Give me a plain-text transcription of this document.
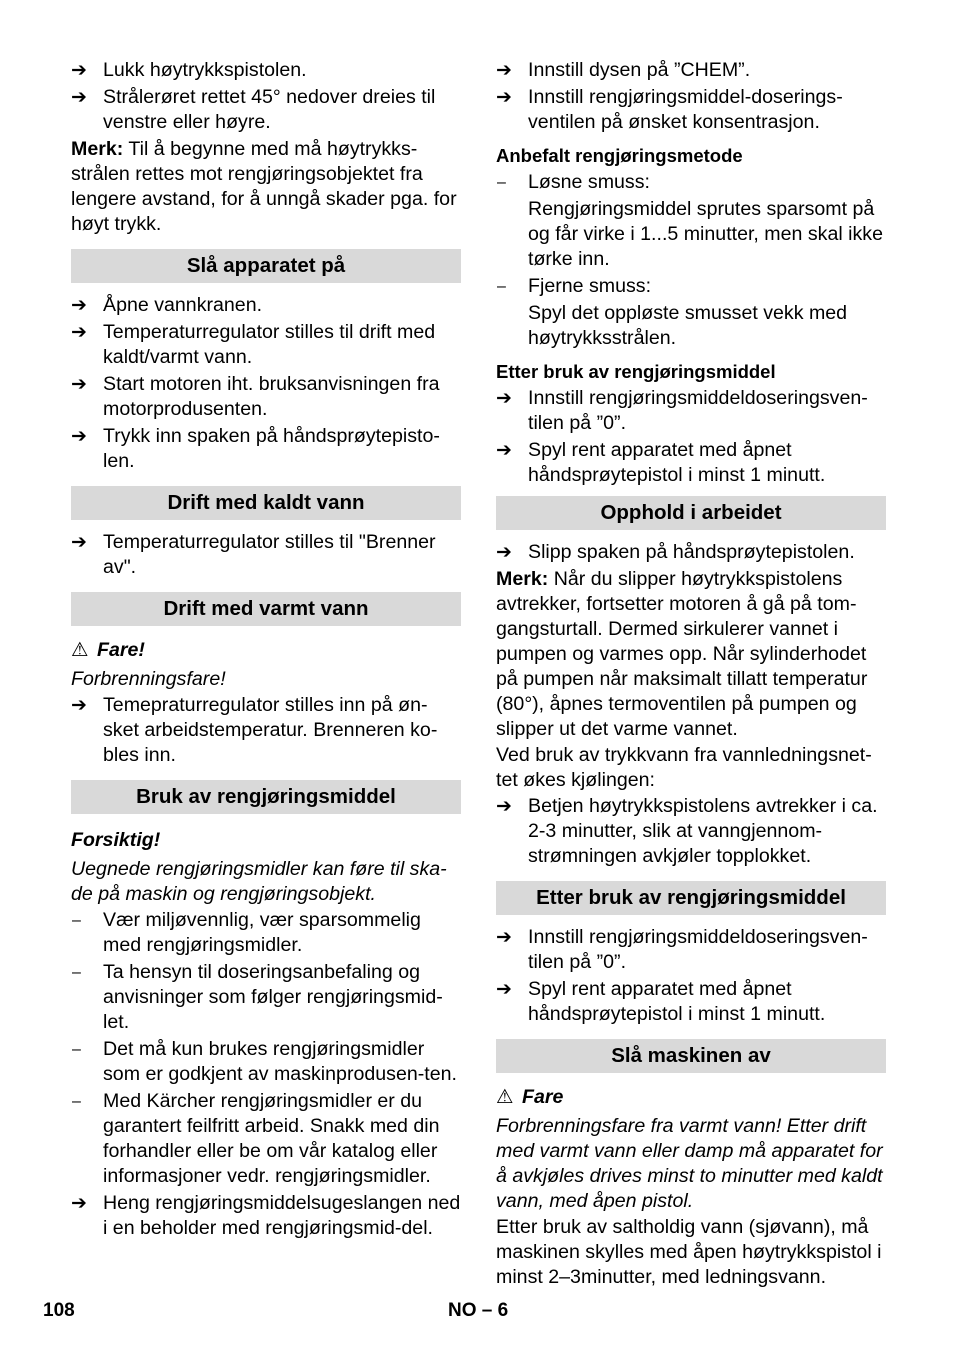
➔ Lukk høytrykkspistolen.
➔ Strålerøret rettet 45° nedover dreies til venstre eller høyre.

Merk: Til å begynne med må høytrykks-strålen rettes mot rengjøringsobjektet fra lengere avstand, for å unngå skader pga. for høyt trykk.

Slå apparatet på
➔ Åpne vannkranen.
➔ Temperaturregulator stilles til drift med kaldt/varmt vann.
➔ Start motoren iht. bruksanvisningen fra motorprodusenten.
➔ Trykk inn spaken på håndsprøytepisto-len.
Drift med kaldt vann
➔ Temperaturregulator stilles til "Brenner av".
Drift med varmt vann
⚠ Fare!

Forbrenningsfare!

➔ Temepraturregulator stilles inn på øn-sket arbeidstemperatur. Brenneren ko-bles inn.
Bruk av rengjøringsmiddel
Forsiktig!

Uegnede rengjøringsmidler kan føre til ska-de på maskin og rengjøringsobjekt.

–	Vær miljøvennlig, vær sparsommelig med rengjøringsmidler.
–	Ta hensyn til doseringsanbefaling og anvisninger som følger rengjøringsmid-let.
–	Det må kun brukes rengjøringsmidler som er godkjent av maskinprodusen-ten.
–	Med Kärcher rengjøringsmidler er du garantert feilfritt arbeid. Snakk med din forhandler eller be om vår katalog eller informasjoner vedr. rengjøringsmidler.
➔ Heng rengjøringsmiddelsugeslangen ned i en beholder med rengjøringsmid-del.
➔ Innstill dysen på ”CHEM”.
➔ Innstill rengjøringsmiddel-doserings-ventilen på ønsket konsentrasjon.
Anbefalt rengjøringsmetode
–	Løsne smuss:
Rengjøringsmiddel sprutes sparsomt på og får virke i 1...5 minutter, men skal ikke tørke inn.
–	Fjerne smuss:
Spyl det oppløste smusset vekk med høytrykksstrålen.
Etter bruk av rengjøringsmiddel
➔ Innstill rengjøringsmiddeldoseringsven-tilen på ”0”.
➔ Spyl rent apparatet med åpnet håndsprøytepistol i minst 1 minutt.
Opphold i arbeidet
➔ Slipp spaken på håndsprøytepistolen.

Merk: Når du slipper høytrykkspistolens avtrekker, fortsetter motoren å gå på tom-gangsturtall. Dermed sirkulerer vannet i pumpen og varmes opp. Når sylinderhodet på pumpen når maksimalt tillatt temperatur (80°), åpnes termoventilen på pumpen og slipper ut det varme vannet.

Ved bruk av trykkvann fra vannledningsnet-tet økes kjølingen:

➔ Betjen høytrykkspistolens avtrekker i ca. 2-3 minutter, slik at vanngjennom-strømningen avkjøler topplokket.
Etter bruk av rengjøringsmiddel
➔ Innstill rengjøringsmiddeldoseringsven-tilen på ”0”.
➔ Spyl rent apparatet med åpnet håndsprøytepistol i minst 1 minutt.
Slå maskinen av
⚠ Fare

Forbrenningsfare fra varmt vann! Etter drift med varmt vann eller damp må apparatet for å avkjøles drives minst to minutter med kaldt vann, med åpen pistol.

Etter bruk av saltholdig vann (sjøvann), må maskinen skylles med åpen høytrykkspistol i minst 2–3minutter, med ledningsvann.

108	NO – 6
